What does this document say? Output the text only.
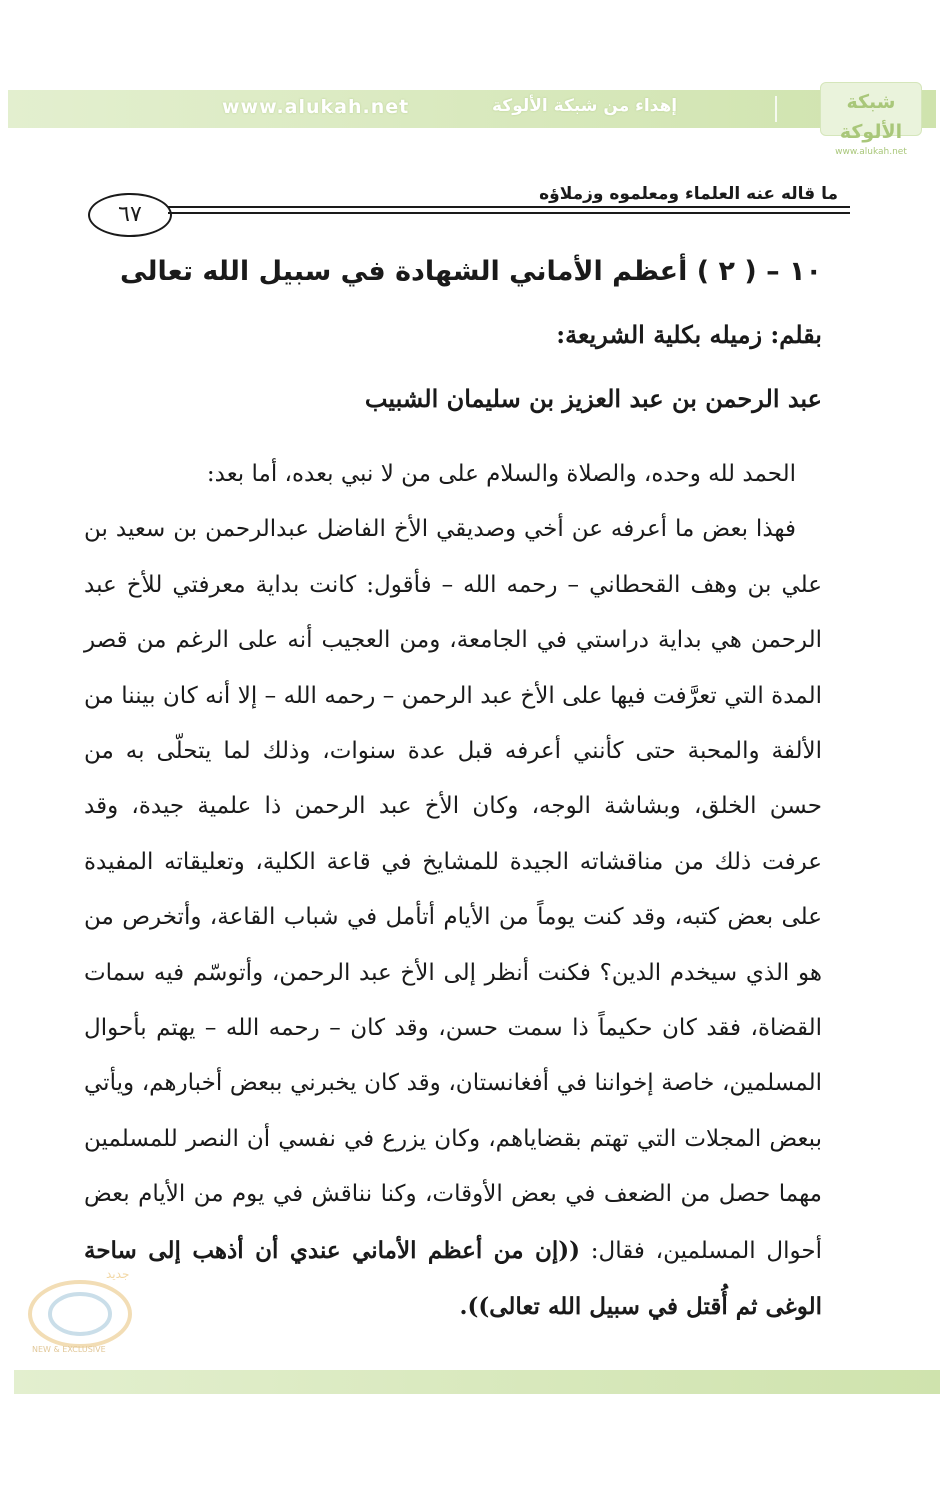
www.alukah.net	إهداء من شبكة الألوكة	شبكة الألوكة
www.alukah.net
ما قاله عنه العلماء ومعلموه وزملاؤه
٦٧
١٠ – ( ٢ ) أعظم الأماني الشهادة في سبيل الله تعالى
بقلم: زميله بكلية الشريعة:
عبد الرحمن بن عبد العزيز بن سليمان الشبيب

الحمد لله وحده، والصلاة والسلام على من لا نبي بعده، أما بعد:

فهذا بعض ما أعرفه عن أخي وصديقي الأخ الفاضل عبدالرحمن بن سعيد بن علي بن وهف القحطاني – رحمه الله – فأقول: كانت بداية معرفتي للأخ عبد الرحمن هي بداية دراستي في الجامعة، ومن العجيب أنه على الرغم من قصر المدة التي تعرَّفت فيها على الأخ عبد الرحمن – رحمه الله – إلا أنه كان بيننا من الألفة والمحبة حتى كأنني أعرفه قبل عدة سنوات، وذلك لما يتحلّى به من حسن الخلق، وبشاشة الوجه، وكان الأخ عبد الرحمن ذا علمية جيدة، وقد عرفت ذلك من مناقشاته الجيدة للمشايخ في قاعة الكلية، وتعليقاته المفيدة على بعض كتبه، وقد كنت يوماً من الأيام أتأمل في شباب القاعة، وأتخرص من هو الذي سيخدم الدين؟ فكنت أنظر إلى الأخ عبد الرحمن، وأتوسّم فيه سمات القضاة، فقد كان حكيماً ذا سمت حسن، وقد كان – رحمه الله – يهتم بأحوال المسلمين، خاصة إخواننا في أفغانستان، وقد كان يخبرني ببعض أخبارهم، ويأتي ببعض المجلات التي تهتم بقضاياهم، وكان يزرع في نفسي أن النصر للمسلمين مهما حصل من الضعف في بعض الأوقات، وكنا نناقش في يوم من الأيام بعض أحوال المسلمين، فقال: ((إن من أعظم الأماني عندي أن أذهب إلى ساحة الوغى ثم أُقتل في سبيل الله تعالى)).

جديد
NEW & EXCLUSIVE
